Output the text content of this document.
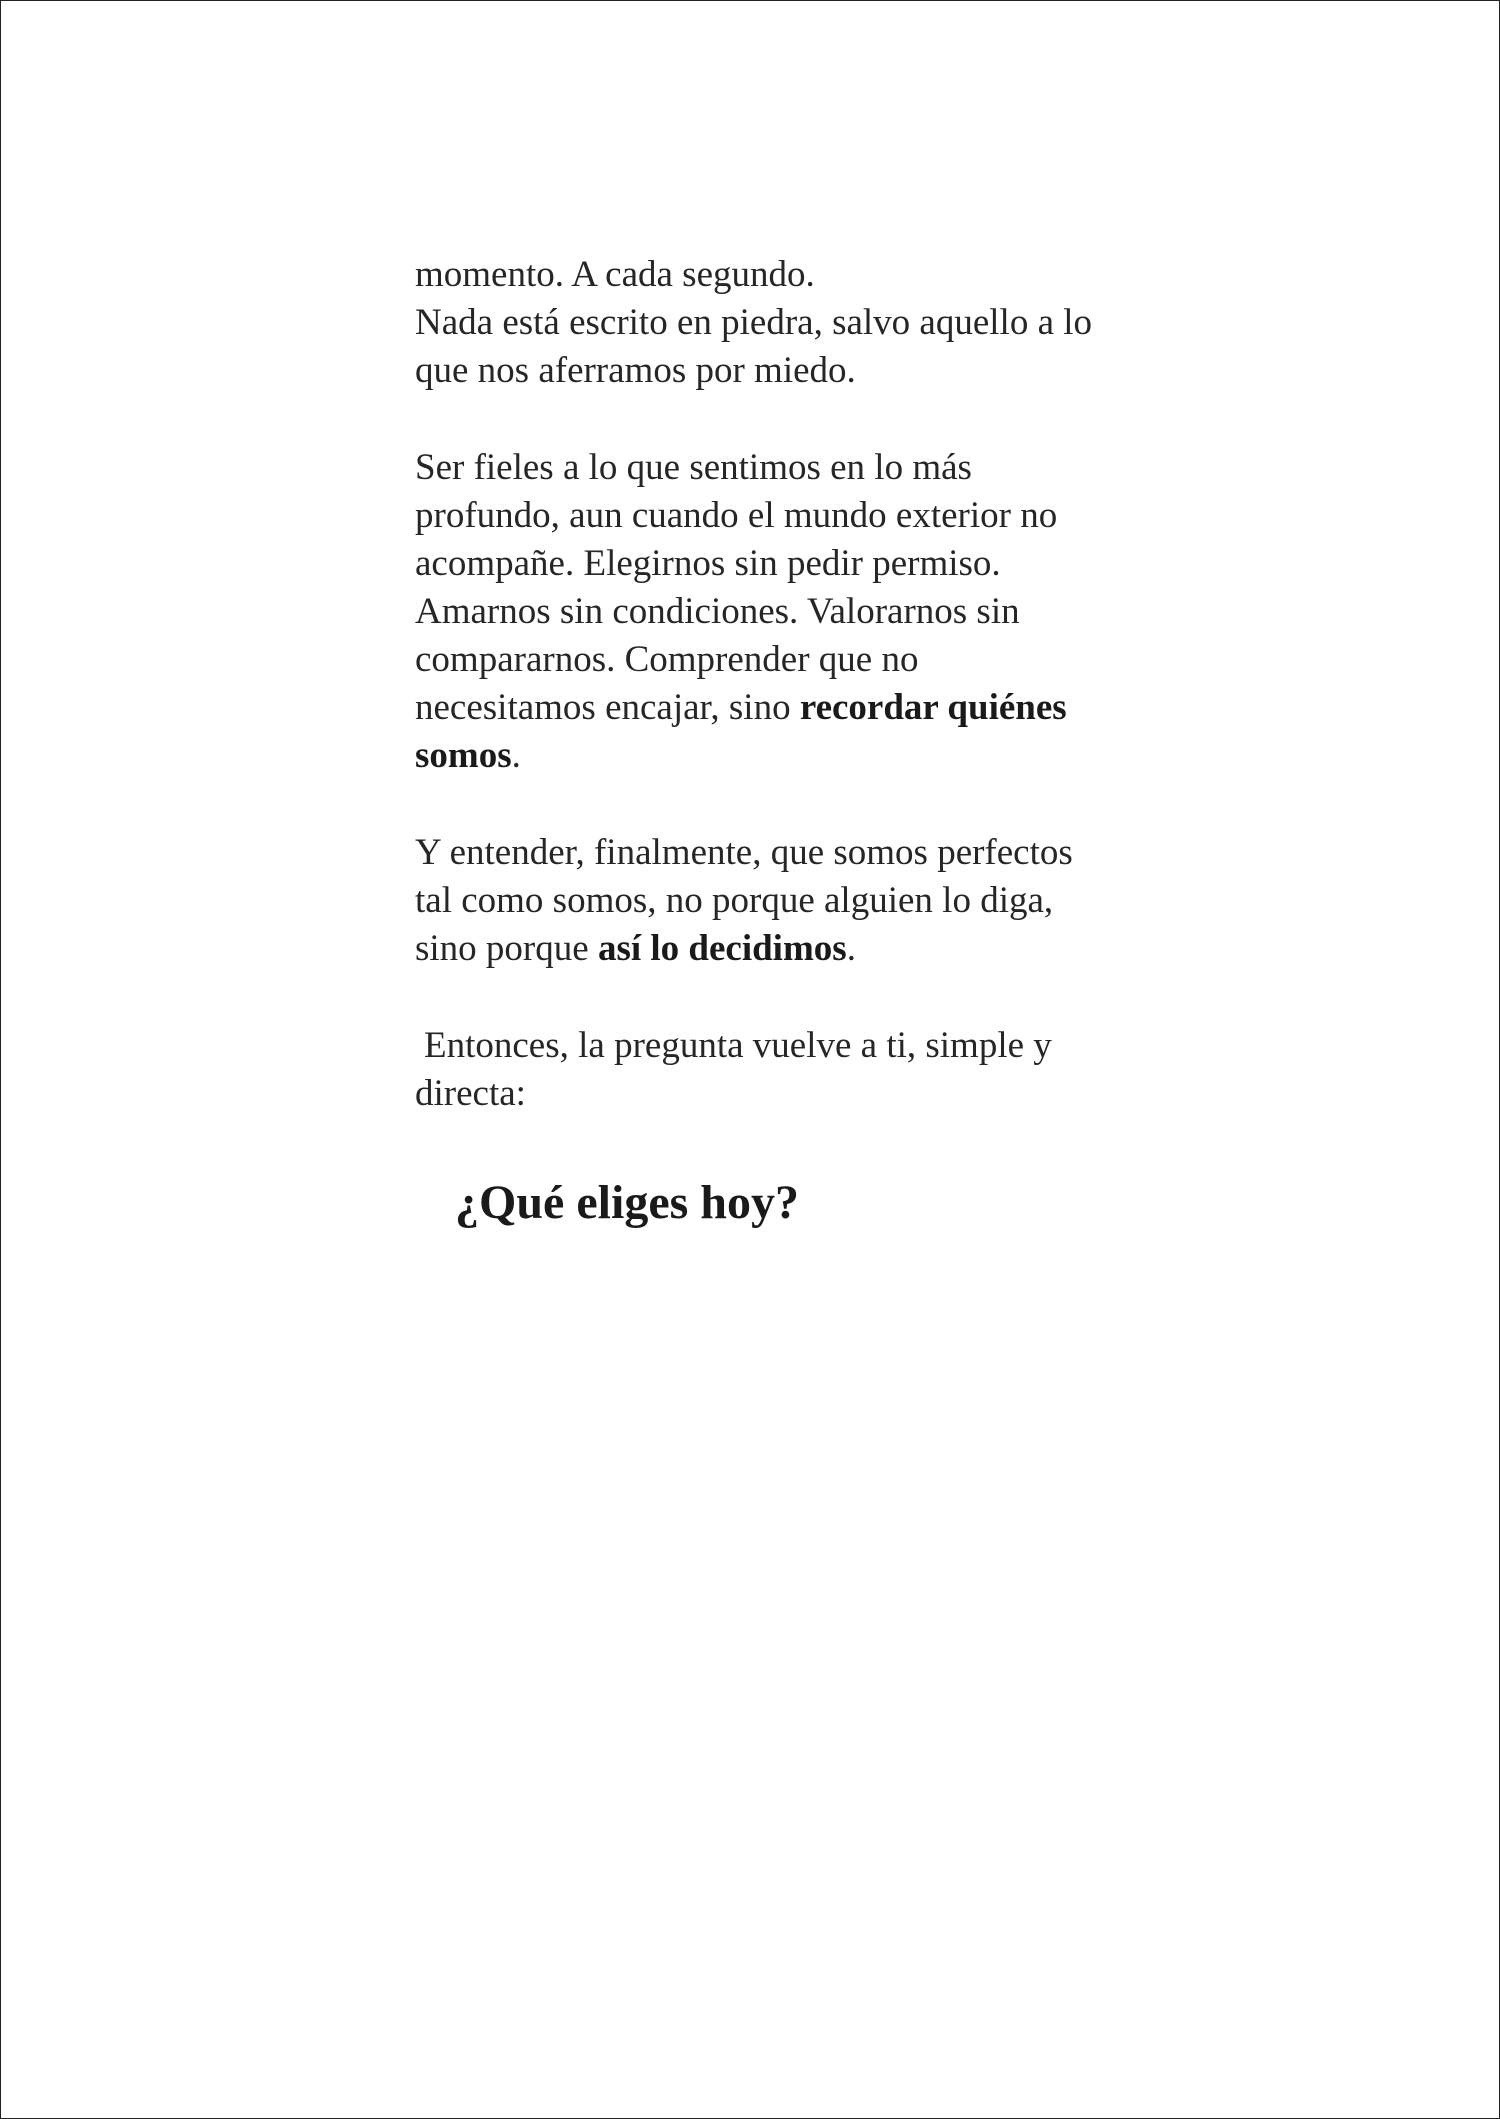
momento. A cada segundo.
Nada está escrito en piedra, salvo aquello a lo
que nos aferramos por miedo.

Ser fieles a lo que sentimos en lo más
profundo, aun cuando el mundo exterior no
acompañe. Elegirnos sin pedir permiso.
Amarnos sin condiciones. Valorarnos sin
compararnos. Comprender que no
necesitamos encajar, sino recordar quiénes
somos.

Y entender, finalmente, que somos perfectos
tal como somos, no porque alguien lo diga,
sino porque así lo decidimos.

Entonces, la pregunta vuelve a ti, simple y
directa:

¿Qué eliges hoy?
